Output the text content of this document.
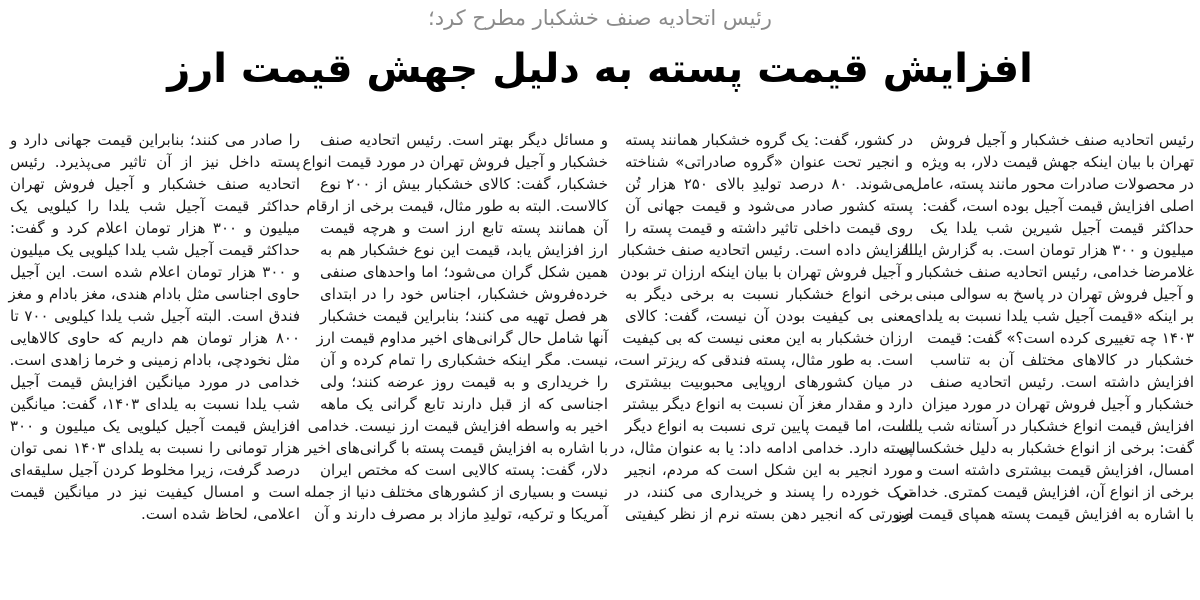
رئیس اتحادیه صنف خشکبار مطرح کرد؛
افزایش قیمت پسته به دلیل جهش قیمت ارز
رئیس اتحادیه صنف خشکبار و آجیل فروش
تهران با بیان اینکه جهش قیمت دلار، به ویژه
در محصولات صادرات محور مانند پسته، عامل
اصلی افزایش قیمت آجیل بوده است، گفت:
حداکثر قیمت آجیل شیرین شب یلدا یک
میلیون و ۳۰۰ هزار تومان است. به گزارش ایلنا،
غلامرضا خدامی، رئیس اتحادیه صنف خشکبار
و آجیل فروش تهران در پاسخ به سوالی مبنی
بر اینکه «قیمت آجیل شب یلدا نسبت به یلدای
۱۴۰۳ چه تغییری کرده است؟» گفت: قیمت
خشکبار در کالاهای مختلف آن به تناسب
افزایش داشته است. رئیس اتحادیه صنف
خشکبار و آجیل فروش تهران در مورد میزان
افزایش قیمت انواع خشکبار در آستانه شب یلدا،
گفت: برخی از انواع خشکبار به دلیل خشکسالی
امسال، افزایش قیمت بیشتری داشته است و
برخی از انواع آن، افزایش قیمت کمتری. خدامی
با اشاره به افزایش قیمت پسته همپای قیمت ارز
در کشور، گفت: یک گروه خشکبار همانند پسته
و انجیر تحت عنوان «گروه صادراتی» شناخته
می‌شوند. ۸۰ درصد تولیدِ بالای ۲۵۰ هزار تُن
پسته کشور صادر می‌شود و قیمت جهانی آن
روی قیمت داخلی تاثیر داشته و قیمت پسته را
افزایش داده است. رئیس اتحادیه صنف خشکبار
و آجیل فروش تهران با بیان اینکه ارزان تر بودن
برخی انواع خشکبار نسبت به برخی دیگر به
معنی بی کیفیت بودن آن نیست، گفت: کالای
ارزان خشکبار به این معنی نیست که بی کیفیت
است. به طور مثال، پسته فندقی که ریزتر است،
در میان کشورهای اروپایی محبوبیت بیشتری
دارد و مقدار مغز آن نسبت به انواع دیگر بیشتر
است، اما قیمت پایین تری نسبت به انواع دیگر
پسته دارد. خدامی ادامه داد: یا به عنوان مثال، در
مورد انجیر به این شکل است که مردم، انجیر
ترک خورده را پسند و خریداری می کنند، در
صورتی که انجیر دهن بسته نرم از نظر کیفیتی
و مسائل دیگر بهتر است. رئیس اتحادیه صنف
خشکبار و آجیل فروش تهران در مورد قیمت انواع
خشکبار، گفت: کالای خشکبار بیش از ۲۰۰ نوع
کالاست. البته به طور مثال، قیمت برخی از ارقام
آن همانند پسته تابع ارز است و هرچه قیمت
ارز افزایش یابد، قیمت این نوع خشکبار هم به
همین شکل گران می‌شود؛ اما واحدهای صنفی
خرده‌فروش خشکبار، اجناس خود را در ابتدای
هر فصل تهیه می کنند؛ بنابراین قیمت خشکبار
آنها شامل حال گرانی‌های اخیر مداوم قیمت ارز
نیست. مگر اینکه خشکباری را تمام کرده و آن
را خریداری و به قیمت روز عرضه کنند؛ ولی
اجناسی که از قبل دارند تابع گرانی یک ماهه
اخیر به واسطه افزایش قیمت ارز نیست. خدامی
با اشاره به افزایش قیمت پسته با گرانی‌های اخیر
دلار، گفت: پسته کالایی است که مختص ایران
نیست و بسیاری از کشورهای مختلف دنیا از جمله
آمریکا و ترکیه، تولیدِ مازاد بر مصرف دارند و آن
را صادر می کنند؛ بنابراین قیمت جهانی دارد و
پسته داخل نیز از آن تاثیر می‌پذیرد. رئیس
اتحادیه صنف خشکبار و آجیل فروش تهران
حداکثر قیمت آجیل شب یلدا را کیلویی یک
میلیون و ۳۰۰ هزار تومان اعلام کرد و گفت:
حداکثر قیمت آجیل شب یلدا کیلویی یک میلیون
و ۳۰۰ هزار تومان اعلام شده است. این آجیل
حاوی اجناسی مثل بادام هندی، مغز بادام و مغز
فندق است. البته آجیل شب یلدا کیلویی ۷۰۰ تا
۸۰۰ هزار تومان هم داریم که حاوی کالاهایی
مثل نخودچی، بادام زمینی و خرما زاهدی است.
خدامی در مورد میانگین افزایش قیمت آجیل
شب یلدا نسبت به یلدای ۱۴۰۳، گفت: میانگین
افزایش قیمت آجیل کیلویی یک میلیون و ۳۰۰
هزار تومانی را نسبت به یلدای ۱۴۰۳ نمی توان
درصد گرفت، زیرا مخلوط کردن آجیل سلیقه‌ای
است و امسال کیفیت نیز در میانگین قیمت
اعلامی، لحاظ شده است.
